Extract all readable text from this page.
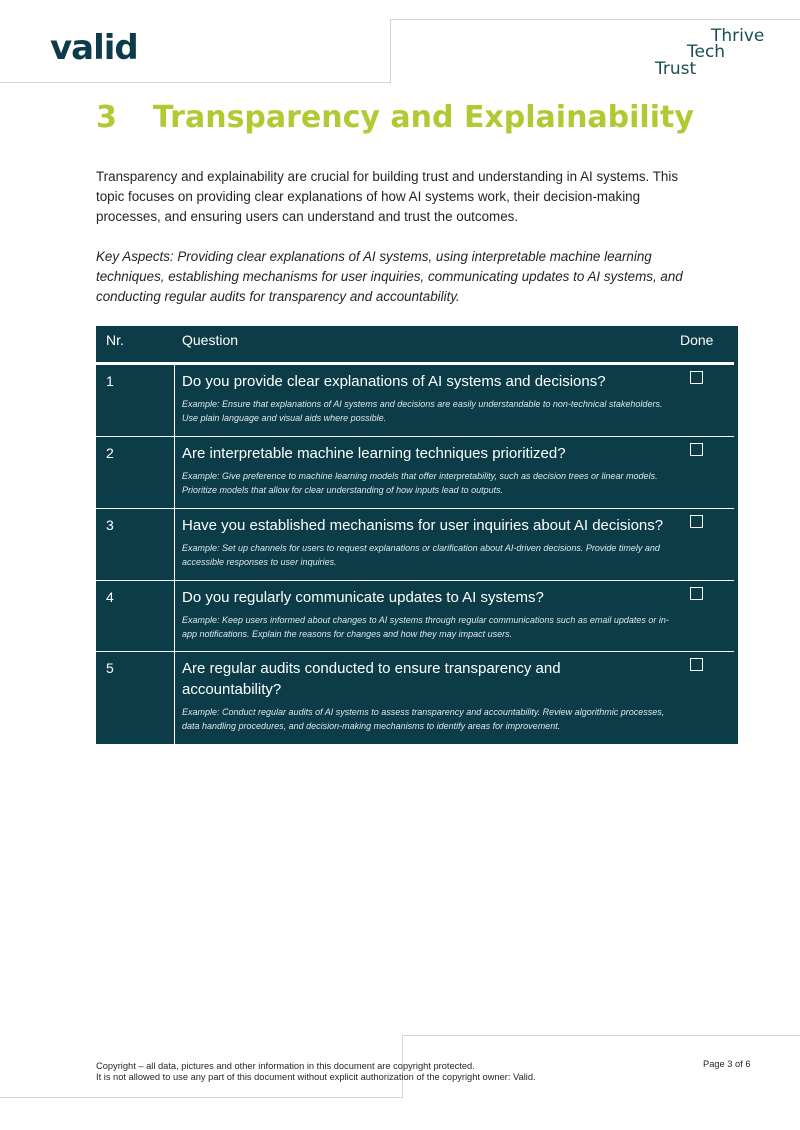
valid	Thrive
Tech
Trust
3 Transparency and Explainability

Transparency and explainability are crucial for building trust and understanding in AI systems. This topic focuses on providing clear explanations of how AI systems work, their decision-making processes, and ensuring users can understand and trust the outcomes.

Key Aspects: Providing clear explanations of AI systems, using interpretable machine learning techniques, establishing mechanisms for user inquiries, communicating updates to AI systems, and conducting regular audits for transparency and accountability.

Nr.	Question	Done
1	Do you provide clear explanations of AI systems and decisions?
Example: Ensure that explanations of AI systems and decisions are easily understandable to non-technical stakeholders. Use plain language and visual aids where possible.
2	Are interpretable machine learning techniques prioritized?
Example: Give preference to machine learning models that offer interpretability, such as decision trees or linear models. Prioritize models that allow for clear understanding of how inputs lead to outputs.
3	Have you established mechanisms for user inquiries about AI decisions?
Example: Set up channels for users to request explanations or clarification about AI-driven decisions. Provide timely and accessible responses to user inquiries.
4	Do you regularly communicate updates to AI systems?
Example: Keep users informed about changes to AI systems through regular communications such as email updates or in-app notifications. Explain the reasons for changes and how they may impact users.
5	Are regular audits conducted to ensure transparency and accountability?
Example: Conduct regular audits of AI systems to assess transparency and accountability. Review algorithmic processes, data handling procedures, and decision-making mechanisms to identify areas for improvement.

Copyright – all data, pictures and other information in this document are copyright protected.
It is not allowed to use any part of this document without explicit authorization of the copyright owner: Valid.

Page 3 of 6
